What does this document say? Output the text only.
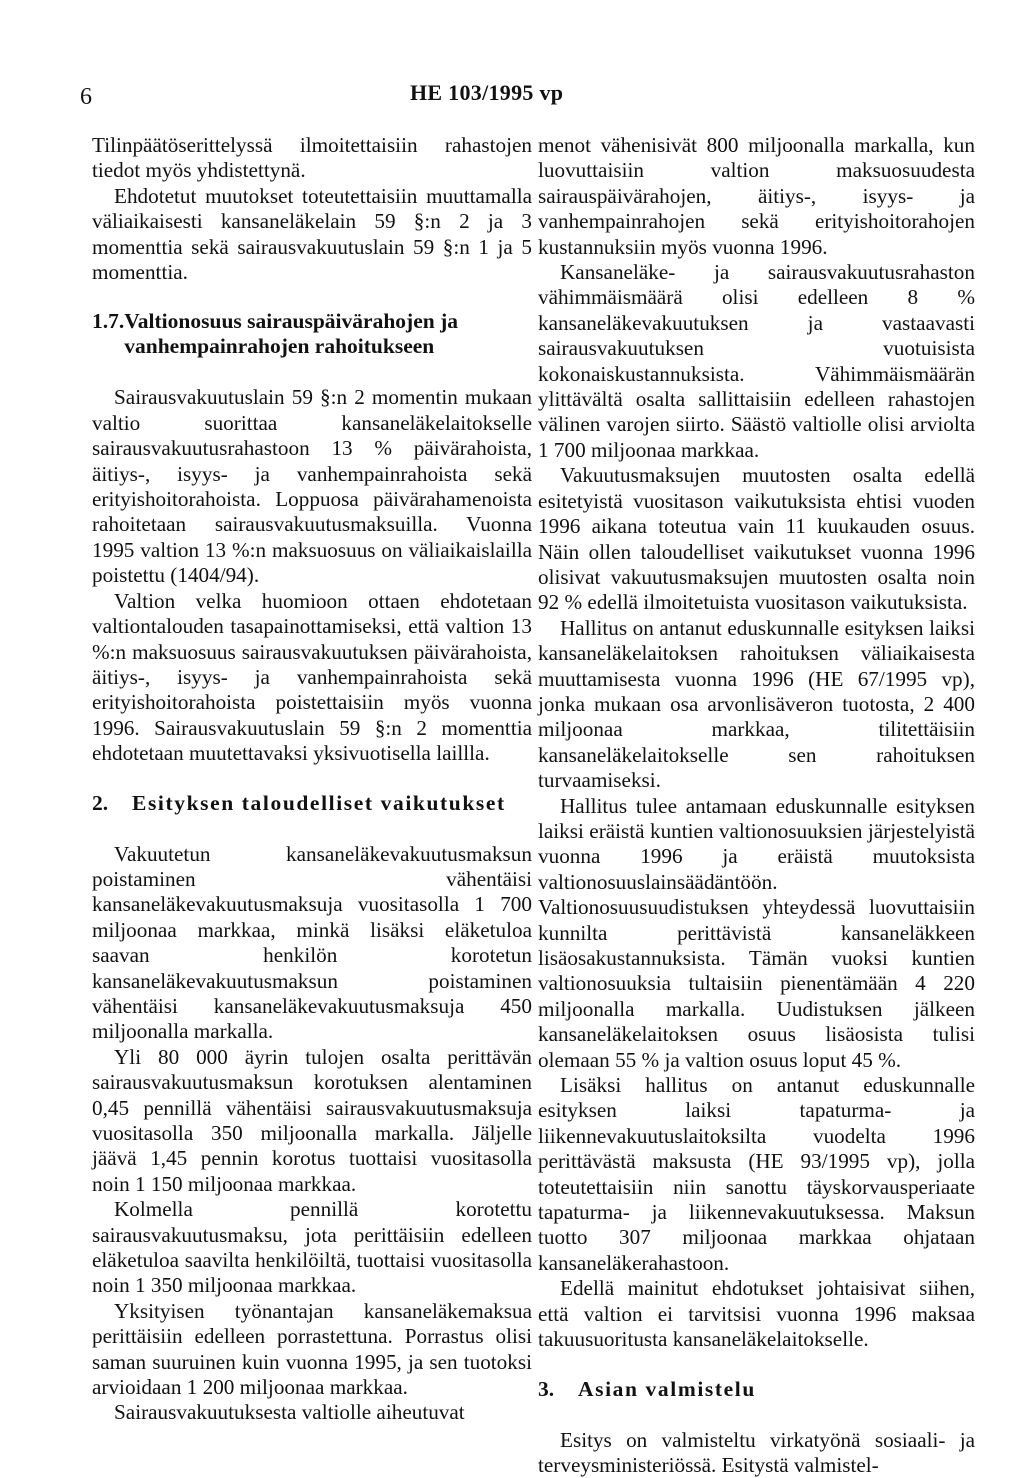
6	HE 103/1995 vp

Tilinpäätöserittelyssä ilmoitettaisiin rahastojen tiedot myös yhdistettynä.

Ehdotetut muutokset toteutettaisiin muuttamalla väliaikaisesti kansaneläkelain 59 §:n 2 ja 3 momenttia sekä sairausvakuutuslain 59 §:n 1 ja 5 momenttia.

1.7. Valtionosuus sairauspäivärahojen ja vanhempainrahojen rahoitukseen

Sairausvakuutuslain 59 §:n 2 momentin mukaan valtio suorittaa kansaneläkelaitokselle sairausvakuutusrahastoon 13 % päivärahoista, äitiys-, isyys- ja vanhempainrahoista sekä erityishoitorahoista. Loppuosa päivärahamenoista rahoitetaan sairausvakuutusmaksuilla. Vuonna 1995 valtion 13 %:n maksuosuus on väliaikaislailla poistettu (1404/94).

Valtion velka huomioon ottaen ehdotetaan valtiontalouden tasapainottamiseksi, että valtion 13 %:n maksuosuus sairausvakuutuksen päivärahoista, äitiys-, isyys- ja vanhempainrahoista sekä erityishoitorahoista poistettaisiin myös vuonna 1996. Sairausvakuutuslain 59 §:n 2 momenttia ehdotetaan muutettavaksi yksivuotisella laillla.

2.	Esityksen taloudelliset vaikutukset

Vakuutetun kansaneläkevakuutusmaksun poistaminen vähentäisi kansaneläkevakuutusmaksuja vuositasolla 1 700 miljoonaa markkaa, minkä lisäksi eläketuloa saavan henkilön korotetun kansaneläkevakuutusmaksun poistaminen vähentäisi kansaneläkevakuutusmaksuja 450 miljoonalla markalla.

Yli 80 000 äyrin tulojen osalta perittävän sairausvakuutusmaksun korotuksen alentaminen 0,45 pennillä vähentäisi sairausvakuutusmaksuja vuositasolla 350 miljoonalla markalla. Jäljelle jäävä 1,45 pennin korotus tuottaisi vuositasolla noin 1 150 miljoonaa markkaa.

Kolmella pennillä korotettu sairausvakuutusmaksu, jota perittäisiin edelleen eläketuloa saavilta henkilöiltä, tuottaisi vuositasolla noin 1 350 miljoonaa markkaa.

Yksityisen työnantajan kansaneläkemaksua perittäisiin edelleen porrastettuna. Porrastus olisi saman suuruinen kuin vuonna 1995, ja sen tuotoksi arvioidaan 1 200 miljoonaa markkaa.

Sairausvakuutuksesta valtiolle aiheutuvat

menot vähenisivät 800 miljoonalla markalla, kun luovuttaisiin valtion maksuosuudesta sairauspäivärahojen, äitiys-, isyys- ja vanhempainrahojen sekä erityishoitorahojen kustannuksiin myös vuonna 1996.

Kansaneläke- ja sairausvakuutusrahaston vähimmäismäärä olisi edelleen 8 % kansaneläkevakuutuksen ja vastaavasti sairausvakuutuksen vuotuisista kokonaiskustannuksista. Vähimmäismäärän ylittävältä osalta sallittaisiin edelleen rahastojen välinen varojen siirto. Säästö valtiolle olisi arviolta 1 700 miljoonaa markkaa.

Vakuutusmaksujen muutosten osalta edellä esitetyistä vuositason vaikutuksista ehtisi vuoden 1996 aikana toteutua vain 11 kuukauden osuus. Näin ollen taloudelliset vaikutukset vuonna 1996 olisivat vakuutusmaksujen muutosten osalta noin 92 % edellä ilmoitetuista vuositason vaikutuksista.

Hallitus on antanut eduskunnalle esityksen laiksi kansaneläkelaitoksen rahoituksen väliaikaisesta muuttamisesta vuonna 1996 (HE 67/1995 vp), jonka mukaan osa arvonlisäveron tuotosta, 2 400 miljoonaa markkaa, tilitettäisiin kansaneläkelaitokselle sen rahoituksen turvaamiseksi.

Hallitus tulee antamaan eduskunnalle esityksen laiksi eräistä kuntien valtionosuuksien järjestelyistä vuonna 1996 ja eräistä muutoksista valtionosuuslainsäädäntöön. Valtionosuusuudistuksen yhteydessä luovuttaisiin kunnilta perittävistä kansaneläkkeen lisäosakustannuksista. Tämän vuoksi kuntien valtionosuuksia tultaisiin pienentämään 4 220 miljoonalla markalla. Uudistuksen jälkeen kansaneläkelaitoksen osuus lisäosista tulisi olemaan 55 % ja valtion osuus loput 45 %.

Lisäksi hallitus on antanut eduskunnalle esityksen laiksi tapaturma- ja liikennevakuutuslaitoksilta vuodelta 1996 perittävästä maksusta (HE 93/1995 vp), jolla toteutettaisiin niin sanottu täyskorvausperiaate tapaturma- ja liikennevakuutuksessa. Maksun tuotto 307 miljoonaa markkaa ohjataan kansaneläkerahastoon.

Edellä mainitut ehdotukset johtaisivat siihen, että valtion ei tarvitsisi vuonna 1996 maksaa takuusuoritusta kansaneläkelaitokselle.

3.	Asian valmistelu

Esitys on valmisteltu virkatyönä sosiaali- ja terveysministeriössä. Esitystä valmistel-
